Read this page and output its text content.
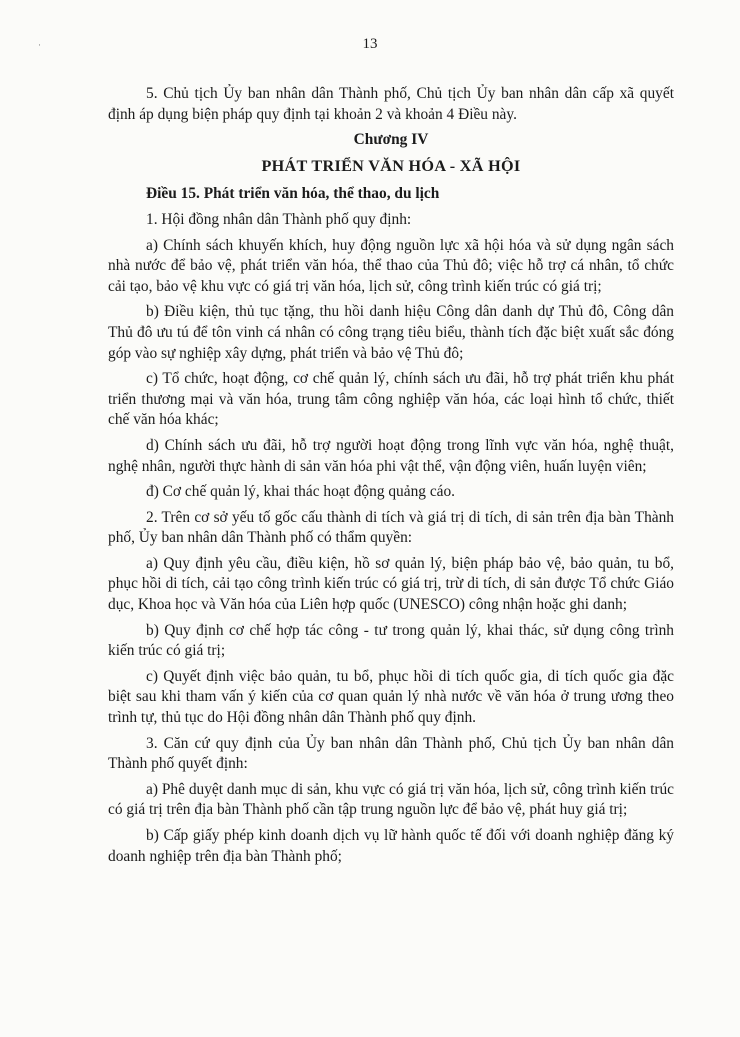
·	13

5. Chủ tịch Ủy ban nhân dân Thành phố, Chủ tịch Ủy ban nhân dân cấp xã quyết định áp dụng biện pháp quy định tại khoản 2 và khoản 4 Điều này.

Chương IV

PHÁT TRIỂN VĂN HÓA - XÃ HỘI

Điều 15. Phát triển văn hóa, thể thao, du lịch

1. Hội đồng nhân dân Thành phố quy định:

a) Chính sách khuyến khích, huy động nguồn lực xã hội hóa và sử dụng ngân sách nhà nước để bảo vệ, phát triển văn hóa, thể thao của Thủ đô; việc hỗ trợ cá nhân, tổ chức cải tạo, bảo vệ khu vực có giá trị văn hóa, lịch sử, công trình kiến trúc có giá trị;

b) Điều kiện, thủ tục tặng, thu hồi danh hiệu Công dân danh dự Thủ đô, Công dân Thủ đô ưu tú để tôn vinh cá nhân có công trạng tiêu biểu, thành tích đặc biệt xuất sắc đóng góp vào sự nghiệp xây dựng, phát triển và bảo vệ Thủ đô;

c) Tổ chức, hoạt động, cơ chế quản lý, chính sách ưu đãi, hỗ trợ phát triển khu phát triển thương mại và văn hóa, trung tâm công nghiệp văn hóa, các loại hình tổ chức, thiết chế văn hóa khác;

d) Chính sách ưu đãi, hỗ trợ người hoạt động trong lĩnh vực văn hóa, nghệ thuật, nghệ nhân, người thực hành di sản văn hóa phi vật thể, vận động viên, huấn luyện viên;

đ) Cơ chế quản lý, khai thác hoạt động quảng cáo.

2. Trên cơ sở yếu tố gốc cấu thành di tích và giá trị di tích, di sản trên địa bàn Thành phố, Ủy ban nhân dân Thành phố có thẩm quyền:

a) Quy định yêu cầu, điều kiện, hồ sơ quản lý, biện pháp bảo vệ, bảo quản, tu bổ, phục hồi di tích, cải tạo công trình kiến trúc có giá trị, trừ di tích, di sản được Tổ chức Giáo dục, Khoa học và Văn hóa của Liên hợp quốc (UNESCO) công nhận hoặc ghi danh;

b) Quy định cơ chế hợp tác công - tư trong quản lý, khai thác, sử dụng công trình kiến trúc có giá trị;

c) Quyết định việc bảo quản, tu bổ, phục hồi di tích quốc gia, di tích quốc gia đặc biệt sau khi tham vấn ý kiến của cơ quan quản lý nhà nước về văn hóa ở trung ương theo trình tự, thủ tục do Hội đồng nhân dân Thành phố quy định.

3. Căn cứ quy định của Ủy ban nhân dân Thành phố, Chủ tịch Ủy ban nhân dân Thành phố quyết định:

a) Phê duyệt danh mục di sản, khu vực có giá trị văn hóa, lịch sử, công trình kiến trúc có giá trị trên địa bàn Thành phố cần tập trung nguồn lực để bảo vệ, phát huy giá trị;

b) Cấp giấy phép kinh doanh dịch vụ lữ hành quốc tế đối với doanh nghiệp đăng ký doanh nghiệp trên địa bàn Thành phố;
